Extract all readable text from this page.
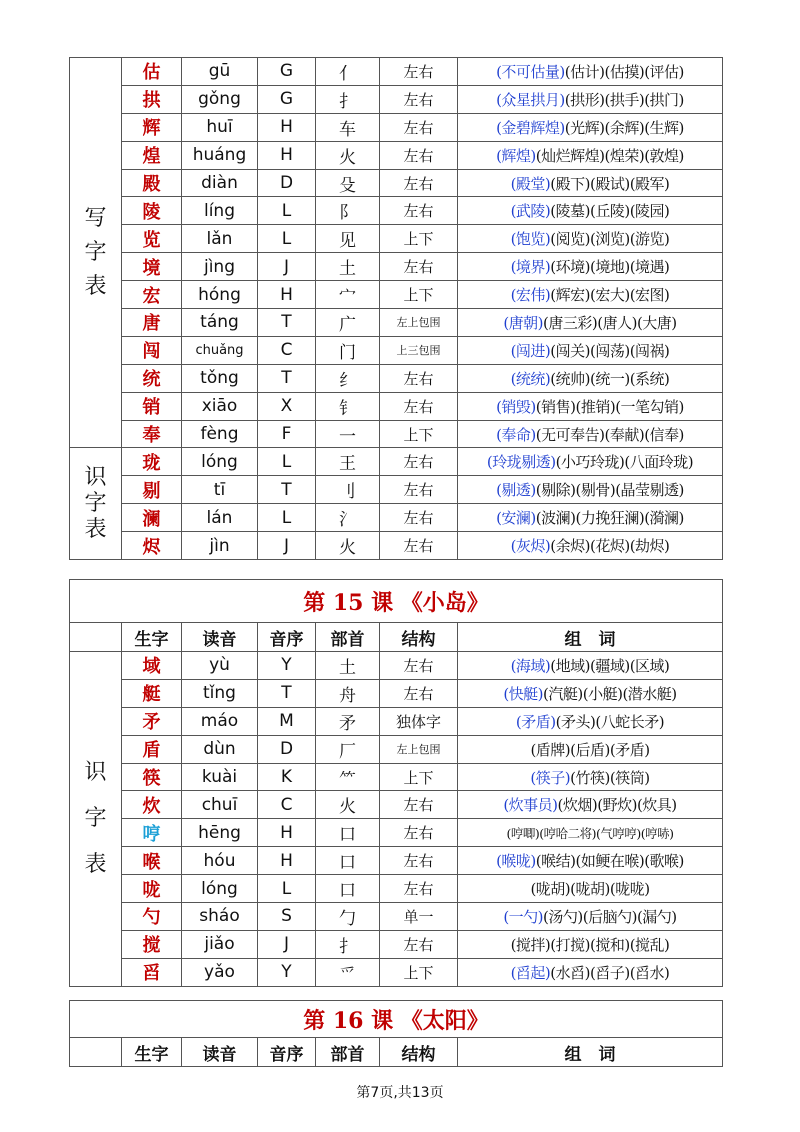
写
字
表	估	gū	G	亻	左右	(不可估量)(估计)(估摸)(评估)
	拱	gǒng	G	扌	左右	(众星拱月)(拱形)(拱手)(拱门)
	辉	huī	H	车	左右	(金碧辉煌)(光辉)(余辉)(生辉)
	煌	huáng	H	火	左右	(辉煌)(灿烂辉煌)(煌荣)(敦煌)
	殿	diàn	D	殳	左右	(殿堂)(殿下)(殿试)(殿军)
	陵	líng	L	阝	左右	(武陵)(陵墓)(丘陵)(陵园)
	览	lǎn	L	见	上下	(饱览)(阅览)(浏览)(游览)
	境	jìng	J	土	左右	(境界)(环境)(境地)(境遇)
	宏	hóng	H	宀	上下	(宏伟)(辉宏)(宏大)(宏图)
	唐	táng	T	广	左上包围	(唐朝)(唐三彩)(唐人)(大唐)
	闯	chuǎng	C	门	上三包围	(闯进)(闯关)(闯荡)(闯祸)
	统	tǒng	T	纟	左右	(统统)(统帅)(统一)(系统)
	销	xiāo	X	钅	左右	(销毁)(销售)(推销)(一笔勾销)
	奉	fèng	F	一	上下	(奉命)(无可奉告)(奉献)(信奉)

识
字
表	珑	lóng	L	王	左右	(玲珑剔透)(小巧玲珑)(八面玲珑)
	剔	tī	T	刂	左右	(剔透)(剔除)(剔骨)(晶莹剔透)
	澜	lán	L	氵	左右	(安澜)(波澜)(力挽狂澜)(漪澜)
	烬	jìn	J	火	左右	(灰烬)(余烬)(花烬)(劫烬)
第 15 课 《小岛》						
	生字	读音	音序	部首	结构	组　词

识
字
表	域	yù	Y	土	左右	(海域)(地域)(疆域)(区域)
	艇	tǐng	T	舟	左右	(快艇)(汽艇)(小艇)(潜水艇)
	矛	máo	M	矛	独体字	(矛盾)(矛头)(八蛇长矛)
	盾	dùn	D	厂	左上包围	(盾牌)(后盾)(矛盾)
	筷	kuài	K	⺮	上下	(筷子)(竹筷)(筷筒)
	炊	chuī	C	火	左右	(炊事员)(炊烟)(野炊)(炊具)
	哼	hēng	H	口	左右	(哼唧)(哼哈二将)(气哼哼)(哼哧)
	喉	hóu	H	口	左右	(喉咙)(喉结)(如鲠在喉)(歌喉)
	咙	lóng	L	口	左右	(咙胡)(咙胡)(咙咙)
	勺	sháo	S	勹	单一	(一勺)(汤勺)(后脑勺)(漏勺)
	搅	jiǎo	J	扌	左右	(搅拌)(打搅)(搅和)(搅乱)
	舀	yǎo	Y	爫	上下	(舀起)(水舀)(舀子)(舀水)
第 16 课 《太阳》
	生字	读音	音序	部首	结构	组　词
第7页,共13页
